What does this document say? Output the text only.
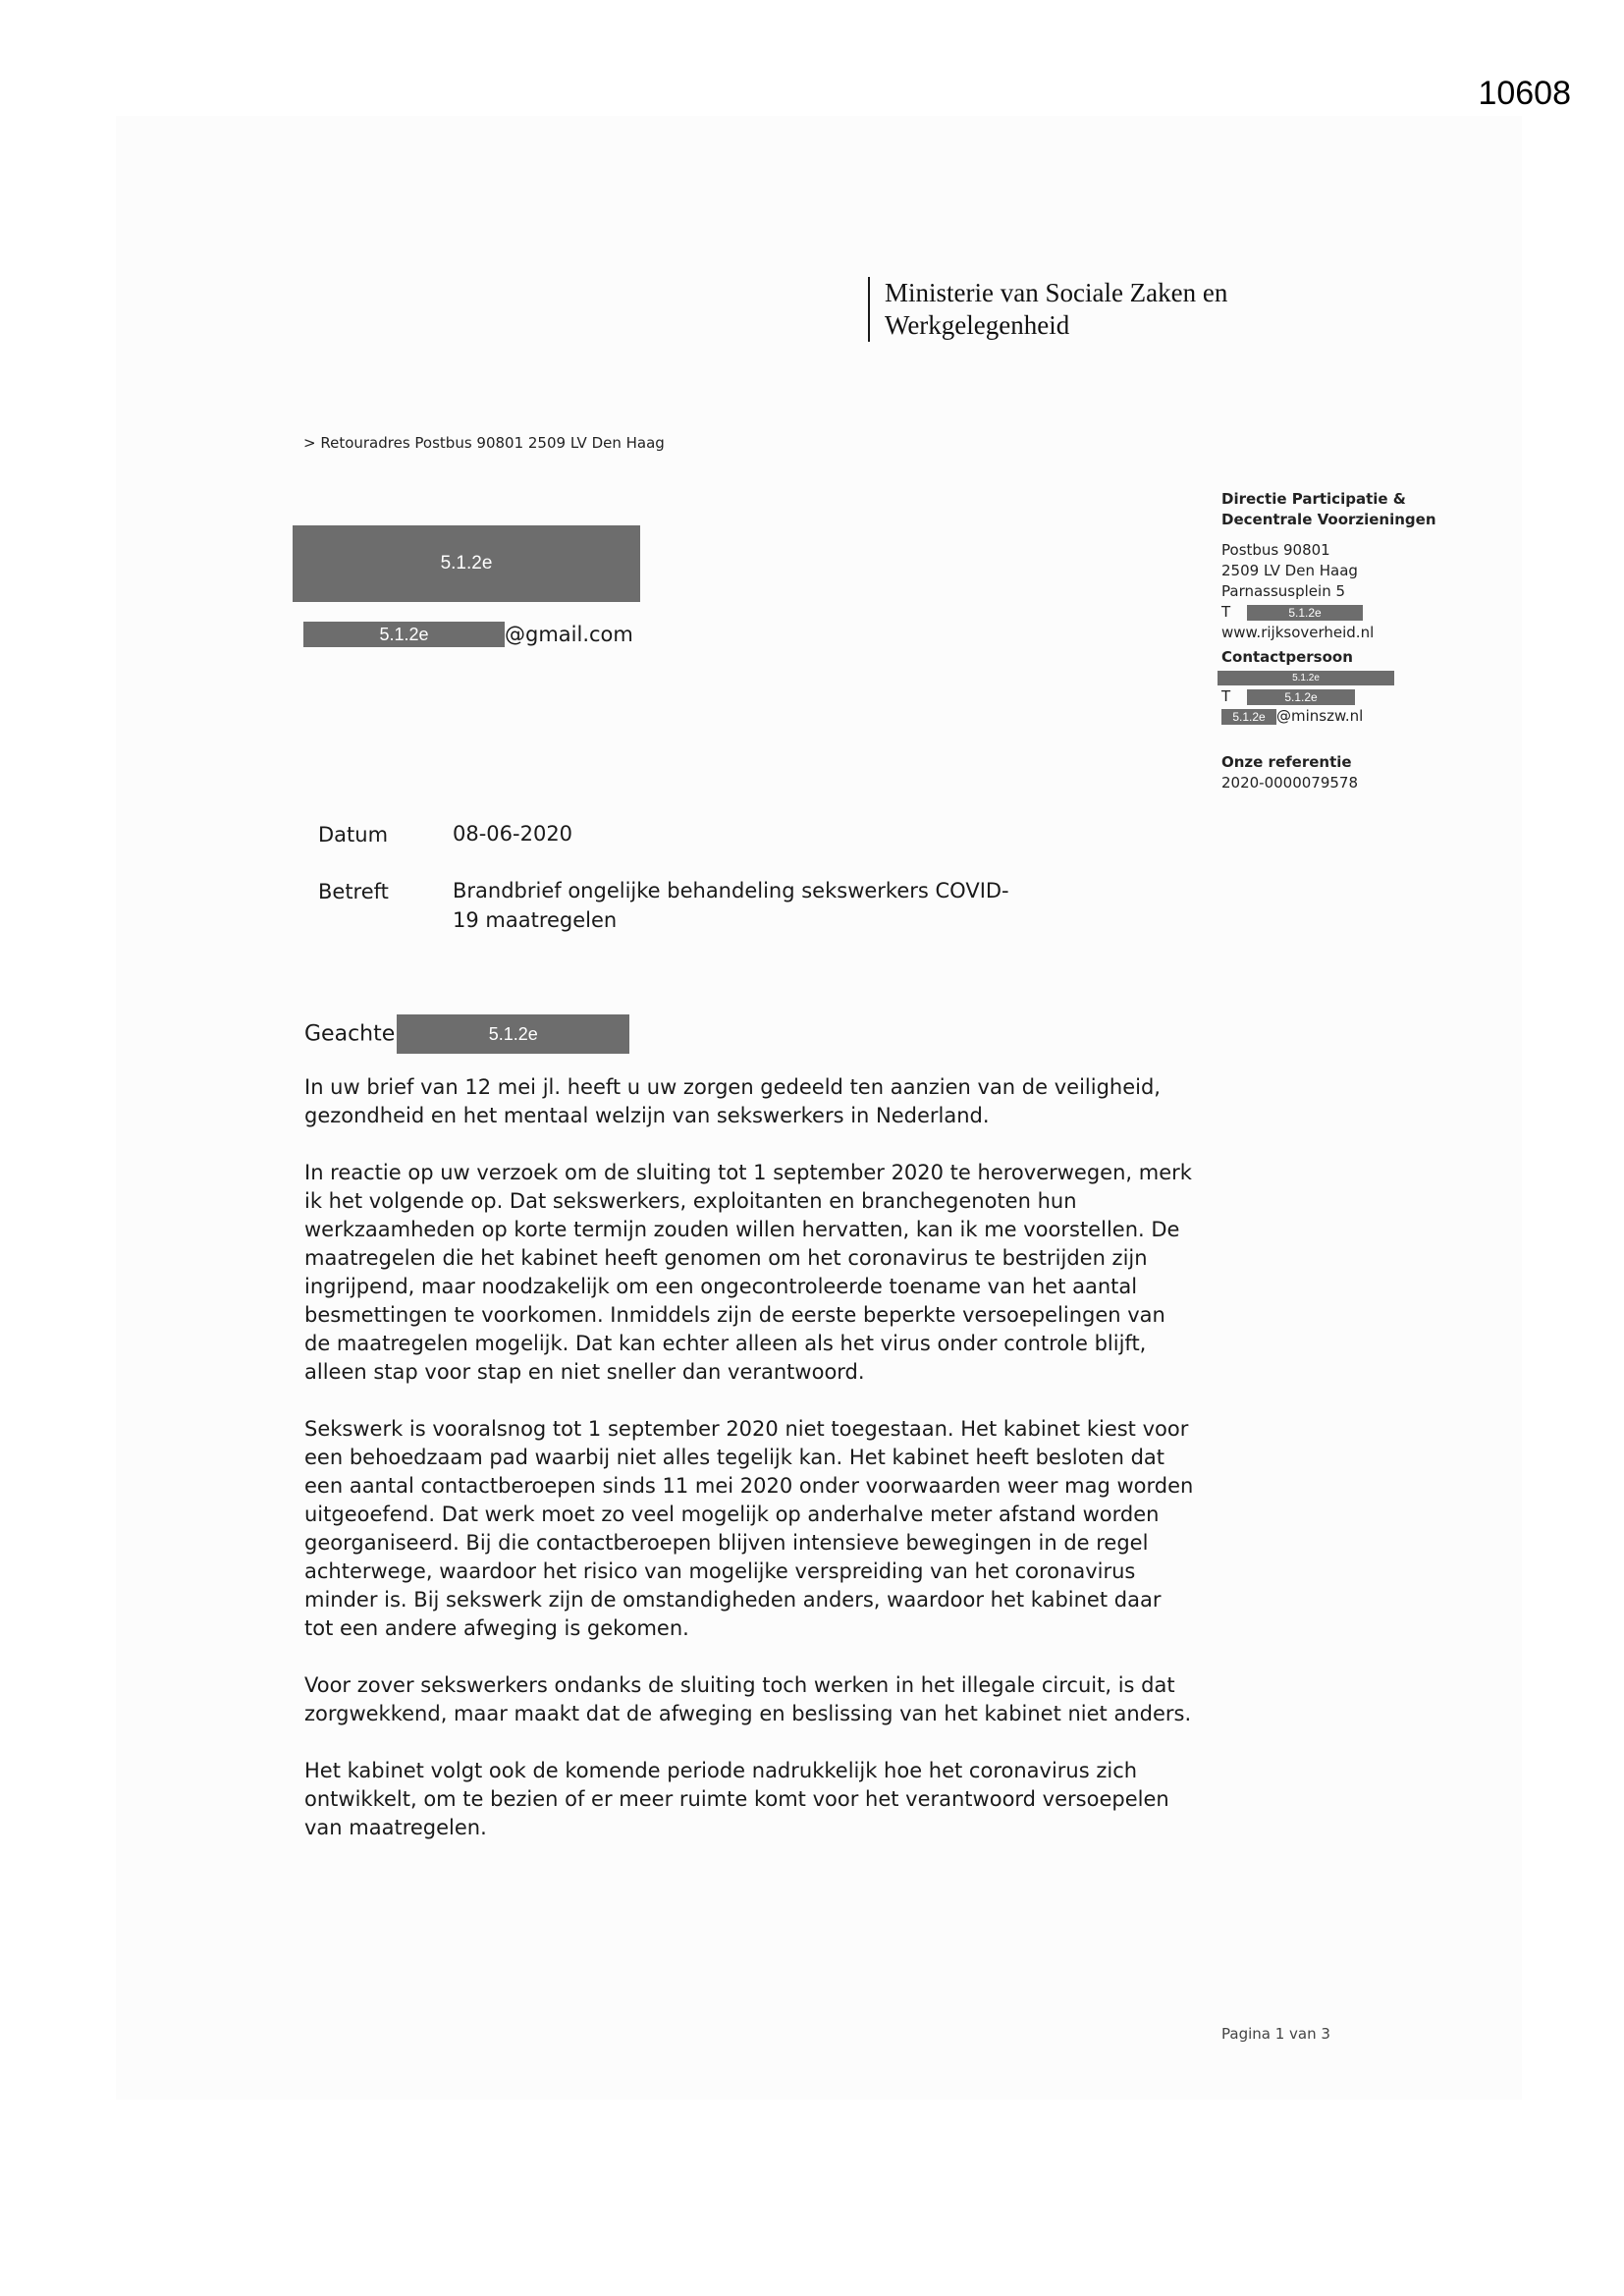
10608
Ministerie van Sociale Zaken en
Werkgelegenheid
> Retouradres Postbus 90801 2509 LV Den Haag
5.1.2e
5.1.2e	@gmail.com
Directie Participatie &
Decentrale Voorzieningen
Postbus 90801
2509 LV Den Haag
Parnassusplein 5
T	5.1.2e
www.rijksoverheid.nl
Contactpersoon
5.1.2e
T	5.1.2e
5.1.2e @minszw.nl
Onze referentie
2020-0000079578
Datum	08-06-2020
Betreft	Brandbrief ongelijke behandeling sekswerkers COVID-
19 maatregelen
Geachte	5.1.2e

In uw brief van 12 mei jl. heeft u uw zorgen gedeeld ten aanzien van de veiligheid, gezondheid en het mentaal welzijn van sekswerkers in Nederland.

In reactie op uw verzoek om de sluiting tot 1 september 2020 te heroverwegen, merk ik het volgende op. Dat sekswerkers, exploitanten en branchegenoten hun werkzaamheden op korte termijn zouden willen hervatten, kan ik me voorstellen. De maatregelen die het kabinet heeft genomen om het coronavirus te bestrijden zijn ingrijpend, maar noodzakelijk om een ongecontroleerde toename van het aantal besmettingen te voorkomen. Inmiddels zijn de eerste beperkte versoepelingen van de maatregelen mogelijk. Dat kan echter alleen als het virus onder controle blijft, alleen stap voor stap en niet sneller dan verantwoord.

Sekswerk is vooralsnog tot 1 september 2020 niet toegestaan. Het kabinet kiest voor een behoedzaam pad waarbij niet alles tegelijk kan. Het kabinet heeft besloten dat een aantal contactberoepen sinds 11 mei 2020 onder voorwaarden weer mag worden uitgeoefend. Dat werk moet zo veel mogelijk op anderhalve meter afstand worden georganiseerd. Bij die contactberoepen blijven intensieve bewegingen in de regel achterwege, waardoor het risico van mogelijke verspreiding van het coronavirus minder is. Bij sekswerk zijn de omstandigheden anders, waardoor het kabinet daar tot een andere afweging is gekomen.

Voor zover sekswerkers ondanks de sluiting toch werken in het illegale circuit, is dat zorgwekkend, maar maakt dat de afweging en beslissing van het kabinet niet anders.

Het kabinet volgt ook de komende periode nadrukkelijk hoe het coronavirus zich ontwikkelt, om te bezien of er meer ruimte komt voor het verantwoord versoepelen van maatregelen.

Pagina 1 van 3
